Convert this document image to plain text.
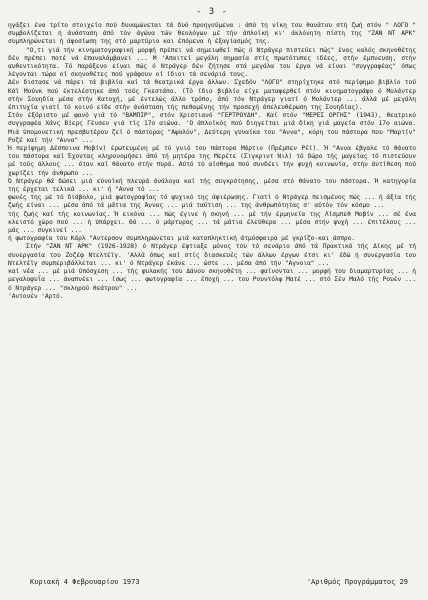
- 3 -

ηγάζει ένα τρίτο στοιχείο πού δυναμώνεται τά δυό προηγούμενα : άπό τη νίκη του θανάτου στή ζωή στόν " ΛΟΓΟ " συμβολίζεται ή άνάσταση άπό τόν άγώνα τών θεολόγων μέ τήν άπλοϊκή κι' άκλόνητη πίστη της "ΖΑΝ ΝΤ ΑΡΚ" συμπληρώνεται ή άφοσίωση της στό μαρτύριο και έπόμενα ή έξαγίασμός της.

"Ο,τι γιά τήν κινηματογραφική μορφή πρέπει νά σημειωθεί πώς ό Ντράγερ πιστεύει πώς" ένας καλός σκηνοθέτης δέν πρέπει ποτέ νά έπαναλάμβανει ... Μ 'Απαιτεί μεγάλη σημασία στίς πρωτότυπες ιδέες, στήν έμπνευση, στήν αυθεντικότητα. Τό παράξενο είναι πώς ό Ντράγερ δέν ζήτησε στά μεγάλα του έργα νά είναι "συγγραφέας" όπως λέγονται τώρα οί σκηνοθέτες πού γράφουν οί ίδιοι τά σενάριά τους.

Δέν διστασε νά πάρει τά βιβλία καί τά θεατρικά έργα άλλων. Σχεδόν "ΛΟΓΟ" στηρίχτηκε στό περίφημο βιβλίο τού Κάϊ Μούνκ πού έκτελέστηκε άπό τούς Γκεστάπο. (Τό ίδιο βιβλίο είχε ματαφερθεί στόν κινηματογράφο ό Μολάντερ στήν Σουηδία μέσα στήν Κατοχή, μέ έντελώς άλλο τρόπο, άπό τόν Ντράγερ γιατί ό Μολάντερ ... άλλά μέ μεγάλη έπιτυχία γιατί τό κοινό είδε στήν άνάσταση τής πεθαμένης τήν προσεχή άπελευθέρωση της Σουηδίας).

Στόν έξόριστο μέ φανό γιά τό "ΒΑΜΠΙΡ", στόν Χριστιανό "ΓΕΡΤΡΟΥΔΗ". Καί στόν "ΜΕΡΕΣ ΟΡΓΗΣ" (1943), θεατρικό συγγραφέα Χάνς Βίερς Γένσεν γιά τίς 17ο αιώνα. 'Ο άπλοϊκός πού διηγείται μιά δίκη γιά μαγεία στόν 17ο αιώνα. Μιά ύπομονετική πρεσβυτέρου ζεί ό πάστορας "Αψαλόν", Δεύτερη γυναίκα του "Αννα", κόρη του πάστορα που "Μαρτίν" Ροζέ καί τήν "Αννα" ...

Ή περίφημη Δέσποινα Μοβίν) έρωτευμένη μέ τό γυιό του πάστορα Μάρτιν (Πρέμπεν Ρέϊ). Ή "Αννα έβγαλε τό θάνατο του πάστορα καί Έχοντας κληρονομήσει άπό τή μητέρα της Μερέτε (Σιγκριντ Νιλ) τό δώρο τής μαγείας τό πιστεύουν μέ τούς άλλους ... όταν καί θάνατο στήν πυρά. Αύτό τό αίσθημα πού συνδέει τήν ψυχή κοινωνία, στήν άντίθεση πού χωρίζει τήν άνθρωπο ...

Ό Ντράγερ θά δώσει μιά εύνοϊκή πλευρά άνάλογα καί τής συγκρότησης, μέσα στό θάνατο του πάστορα. Ή κατηγορία της έρχεται τελικά ... κι' ή "Αννα τό ...

φωνές της μέ τό διάβολο, μιά φωτογραφίας τό ψυχικό της άφιέρωσης. Γιατί ό Ντράγερ πεισμένος πώς ... ή άξία τής ζωής είναι ... μέσα άπό τά μάτια της Άννας ... μιά ταύτιση ... της άνθρωπότητας σ' αύτόν τόν κόσμο ...

τής ζωής καί τής κοινωνίας. Ή εικόνα ... πώς έγινε ή σκηνή ... μέ τήν έρμηνεία της Λίσμπεθ Μοβίν ... σέ ένα κλειστό χώρο πού ... ή ύπάρχει. Θά ... ό μάρτυρας ... τά μάτια έλεύθερα ... μέσα στήν ψυχή ... έπιτέλους ... μάς ... συγκινεί ...

ή φωτογραφία του Κάρλ "Αντερσον συμπληρώνεται μιά καταπληκτική άτμόσφαιρα μέ γκρίζο-και άσπρο.

Στήν "ΖΑΝ ΝΤ ΑΡΚ" (1926-1928) ό Ντράγερ έφτιαξε μόνος του τό σενάριο άπό τά Πρακτικά τής Δίκης μέ τή συνεργασία του Ζοζέφ Ντελτέϊγ. 'Αλλά όπως καί στίς διασκευές τών άλλων έργων έτσι κι' έδώ ή συνεργασία του Ντελτέϊγ συμπεριβάλλεται ... κι' ό Ντράγερ έκάνε ... ώστε ... μέσα άπό τήν "Αγνοια" ...

καί νέα ... μέ μιά ύπόσχεση ... τής φυλακής του Δάνου σκηνοθέτη ... φαίνονται ... μορφή του διαμαρτυρίας ... ή μεγαλοφυΐα ... άναπνέει ... ίσως ... φωτογραφία ... έποχή ... του Ρουντόλφ Ματέ ... στό Σέν Μαλό τής Ρουέν ... ό Ντράγερ ... "σκληρού θεάτρου" ...

'Αντονέν 'Αρτό.

Κυριακή 4 Φεβρουαρίου 1973	'Αριθμός Προγράμματος 29
